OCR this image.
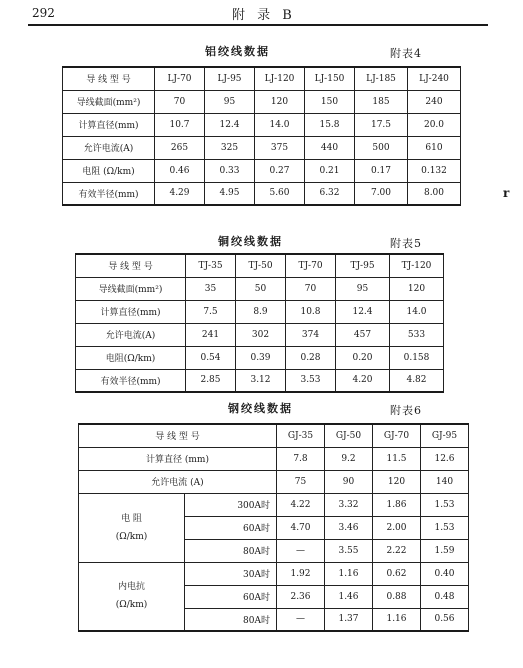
292	附 录 B
铝绞线数据	附表4
导 线 型 号	LJ-70	LJ-95	LJ-120	LJ-150	LJ-185	LJ-240
导线截面(mm²)	70	95	120	150	185	240
计算直径(mm)	10.7	12.4	14.0	15.8	17.5	20.0
允许电流(A)	265	325	375	440	500	610
电阻 (Ω/km)	0.46	0.33	0.27	0.21	0.17	0.132
有效半径(mm)	4.29	4.95	5.60	6.32	7.00	8.00	r
铜绞线数据	附表5
导 线 型 号	TJ-35	TJ-50	TJ-70	TJ-95	TJ-120
导线截面(mm²)	35	50	70	95	120
计算直径(mm)	7.5	8.9	10.8	12.4	14.0
允许电流(A)	241	302	374	457	533
电阻(Ω/km)	0.54	0.39	0.28	0.20	0.158
有效半径(mm)	2.85	3.12	3.53	4.20	4.82
钢绞线数据	附表6
导 线 型 号		GJ-35	GJ-50	GJ-70	GJ-95
计算直径 (mm)		7.8	9.2	11.5	12.6
允许电流 (A)		75	90	120	140

电 阻
(Ω/km)	300A时	4.22	3.32	1.86	1.53
	60A时	4.70	3.46	2.00	1.53
	80A时	—	3.55	2.22	1.59

内电抗
(Ω/km)	30A时	1.92	1.16	0.62	0.40
	60A时	2.36	1.46	0.88	0.48
	80A时	—	1.37	1.16	0.56
